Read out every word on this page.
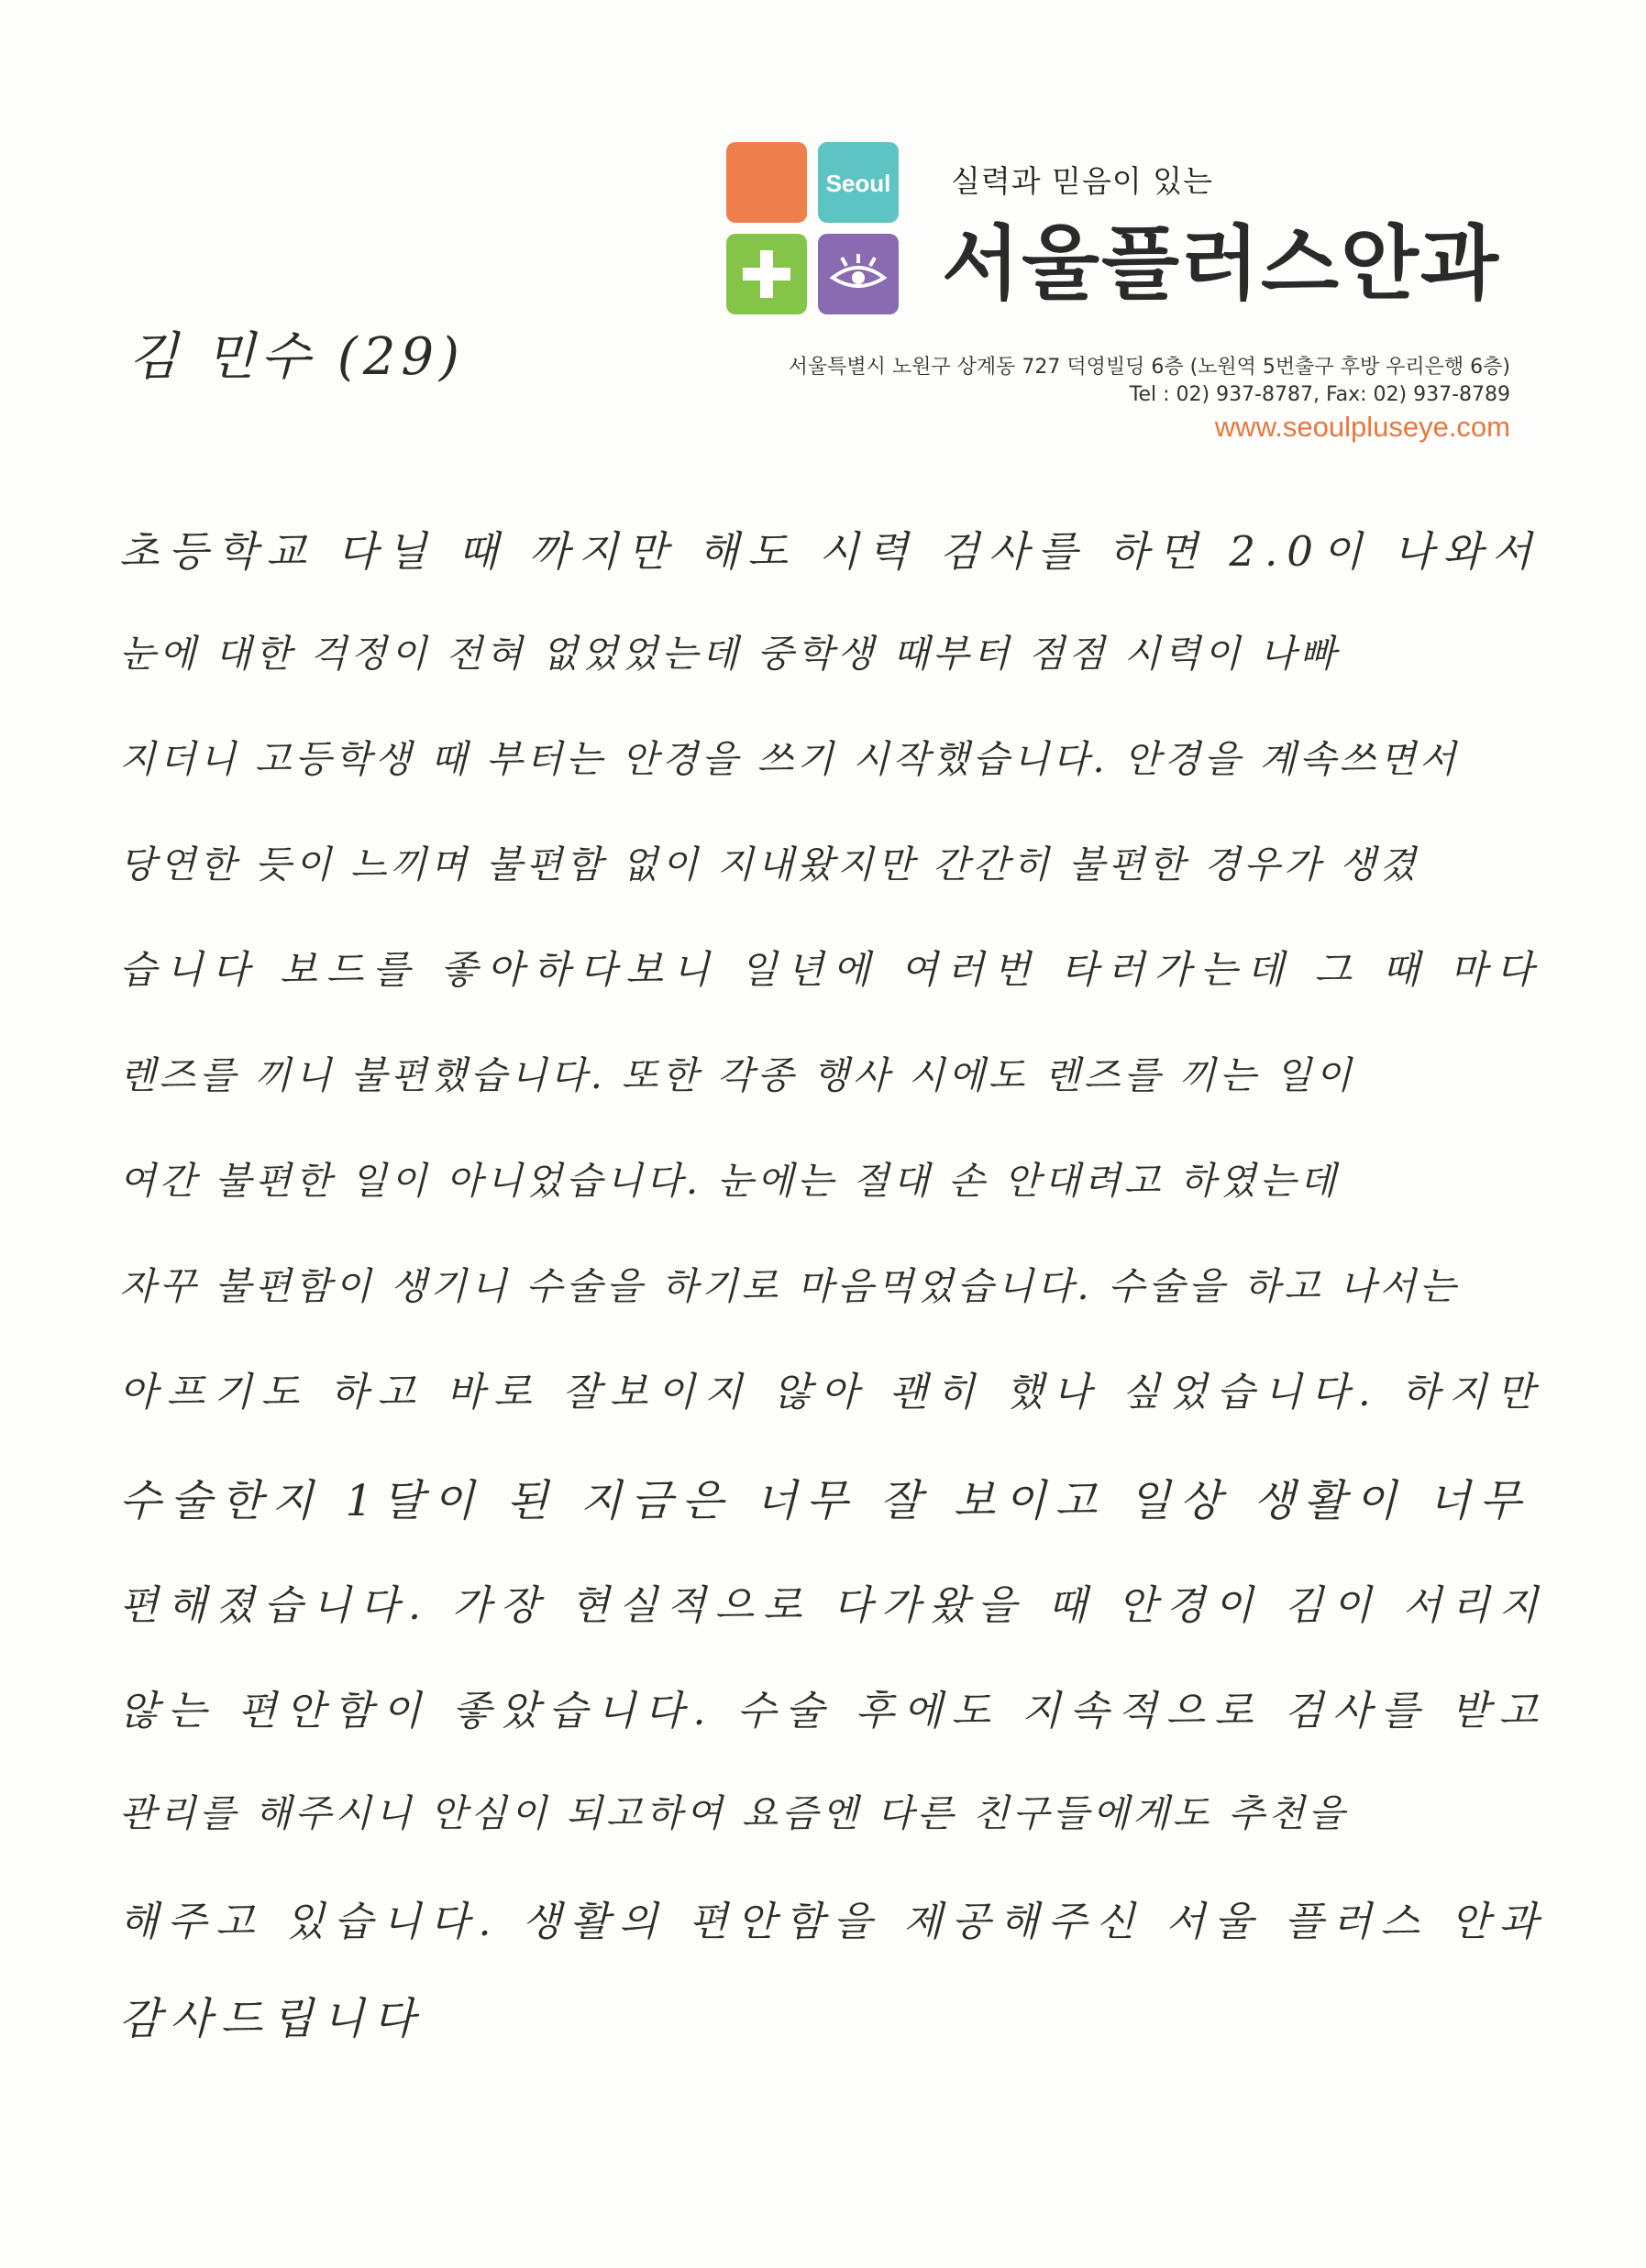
Seoul 실력과 믿음이 있는
서울플러스안과
서울특별시 노원구 상계동 727 덕영빌딩 6층 (노원역 5번출구 후방 우리은행 6층)
Tel : 02) 937-8787, Fax: 02) 937-8789
www.seoulpluseye.com
김 민수 (29)
초등학교 다닐 때 까지만 해도 시력 검사를 하면 2.0이 나와서
눈에 대한 걱정이 전혀 없었었는데 중학생 때부터 점점 시력이 나빠
지더니 고등학생 때 부터는 안경을 쓰기 시작했습니다. 안경을 계속쓰면서
당연한 듯이 느끼며 불편함 없이 지내왔지만 간간히 불편한 경우가 생겼
습니다 보드를 좋아하다보니 일년에 여러번 타러가는데 그 때 마다
렌즈를 끼니 불편했습니다. 또한 각종 행사 시에도 렌즈를 끼는 일이
여간 불편한 일이 아니었습니다. 눈에는 절대 손 안대려고 하였는데
자꾸 불편함이 생기니 수술을 하기로 마음먹었습니다. 수술을 하고 나서는
아프기도 하고 바로 잘보이지 않아 괜히 했나 싶었습니다. 하지만
수술한지 1달이 된 지금은 너무 잘 보이고 일상 생활이 너무
편해졌습니다. 가장 현실적으로 다가왔을 때 안경이 김이 서리지
않는 편안함이 좋았습니다. 수술 후에도 지속적으로 검사를 받고
관리를 해주시니 안심이 되고하여 요즘엔 다른 친구들에게도 추천을
해주고 있습니다. 생활의 편안함을 제공해주신 서울 플러스 안과
감사드립니다
